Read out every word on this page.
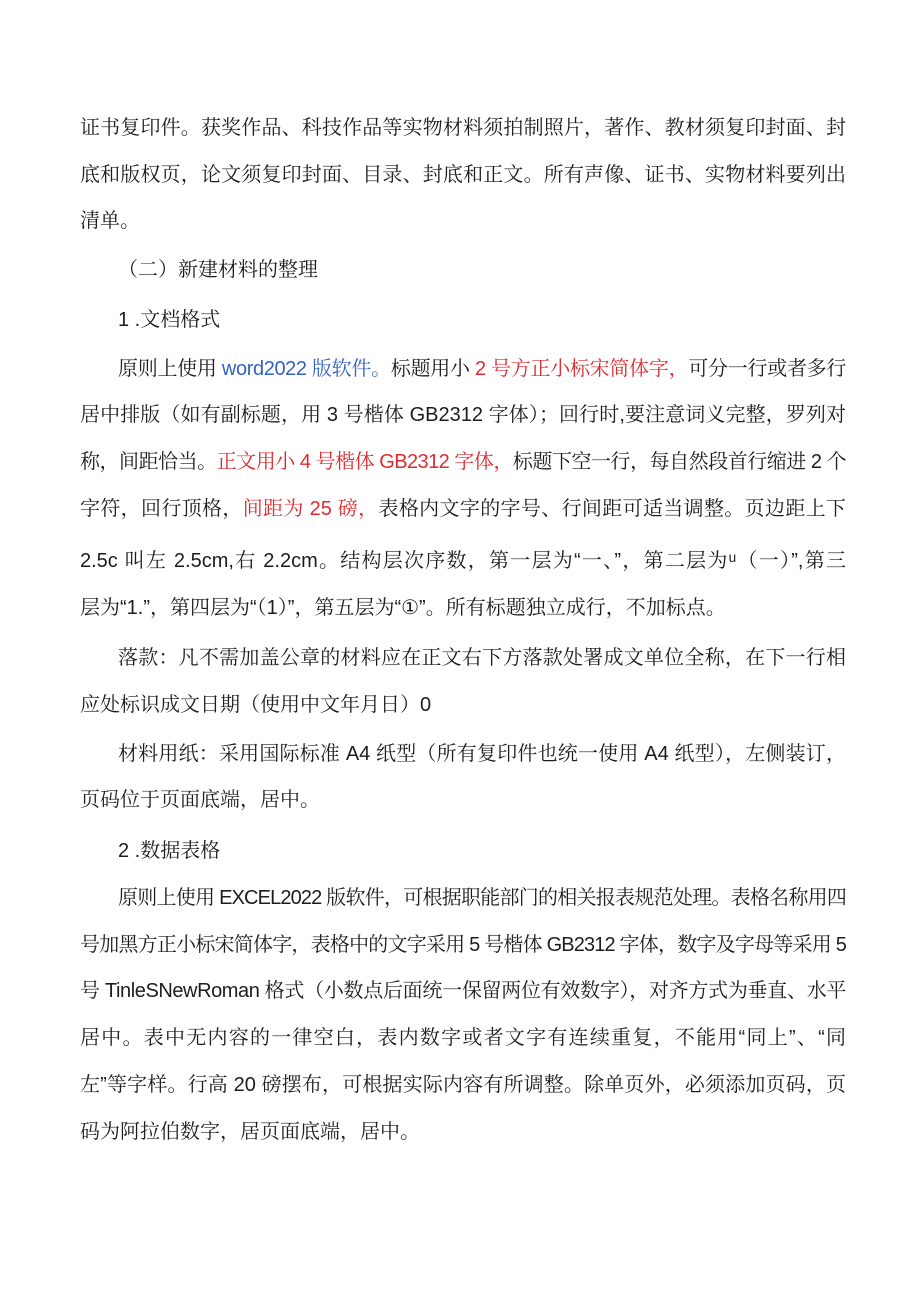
证书复印件。获奖作品、科技作品等实物材料须拍制照片，著作、教材须复印封面、封
底和版权页，论文须复印封面、目录、封底和正文。所有声像、证书、实物材料要列出
清单。
（二）新建材料的整理
1 .文档格式
原则上使用 word2022 版软件。标题用小 2 号方正小标宋简体字，可分一行或者多行
居中排版（如有副标题，用 3 号楷体 GB2312 字体）；回行时,要注意词义完整，罗列对
称，间距恰当。正文用小 4 号楷体 GB2312 字体，标题下空一行，每自然段首行缩进 2 个
字符，回行顶格，间距为 25 磅，表格内文字的字号、行间距可适当调整。页边距上下
2.5c 叫左 2.5cm,右 2.2cm。结构层次序数，第一层为“一、”，第二层为ᵘ（一）”,第三
层为“1.”，第四层为“（1）”，第五层为“①”。所有标题独立成行，不加标点。
落款：凡不需加盖公章的材料应在正文右下方落款处署成文单位全称，在下一行相
应处标识成文日期（使用中文年月日）0
材料用纸：采用国际标准 A4 纸型（所有复印件也统一使用 A4 纸型），左侧装订，
页码位于页面底端，居中。
2 .数据表格
原则上使用 EXCEL2022 版软件，可根据职能部门的相关报表规范处理。表格名称用四
号加黑方正小标宋简体字，表格中的文字采用 5 号楷体 GB2312 字体，数字及字母等采用 5
号 TinleSNewRoman 格式（小数点后面统一保留两位有效数字），对齐方式为垂直、水平
居中。表中无内容的一律空白，表内数字或者文字有连续重复，不能用“同上”、“同
左”等字样。行高 20 磅摆布，可根据实际内容有所调整。除单页外，必须添加页码，页
码为阿拉伯数字，居页面底端，居中。
